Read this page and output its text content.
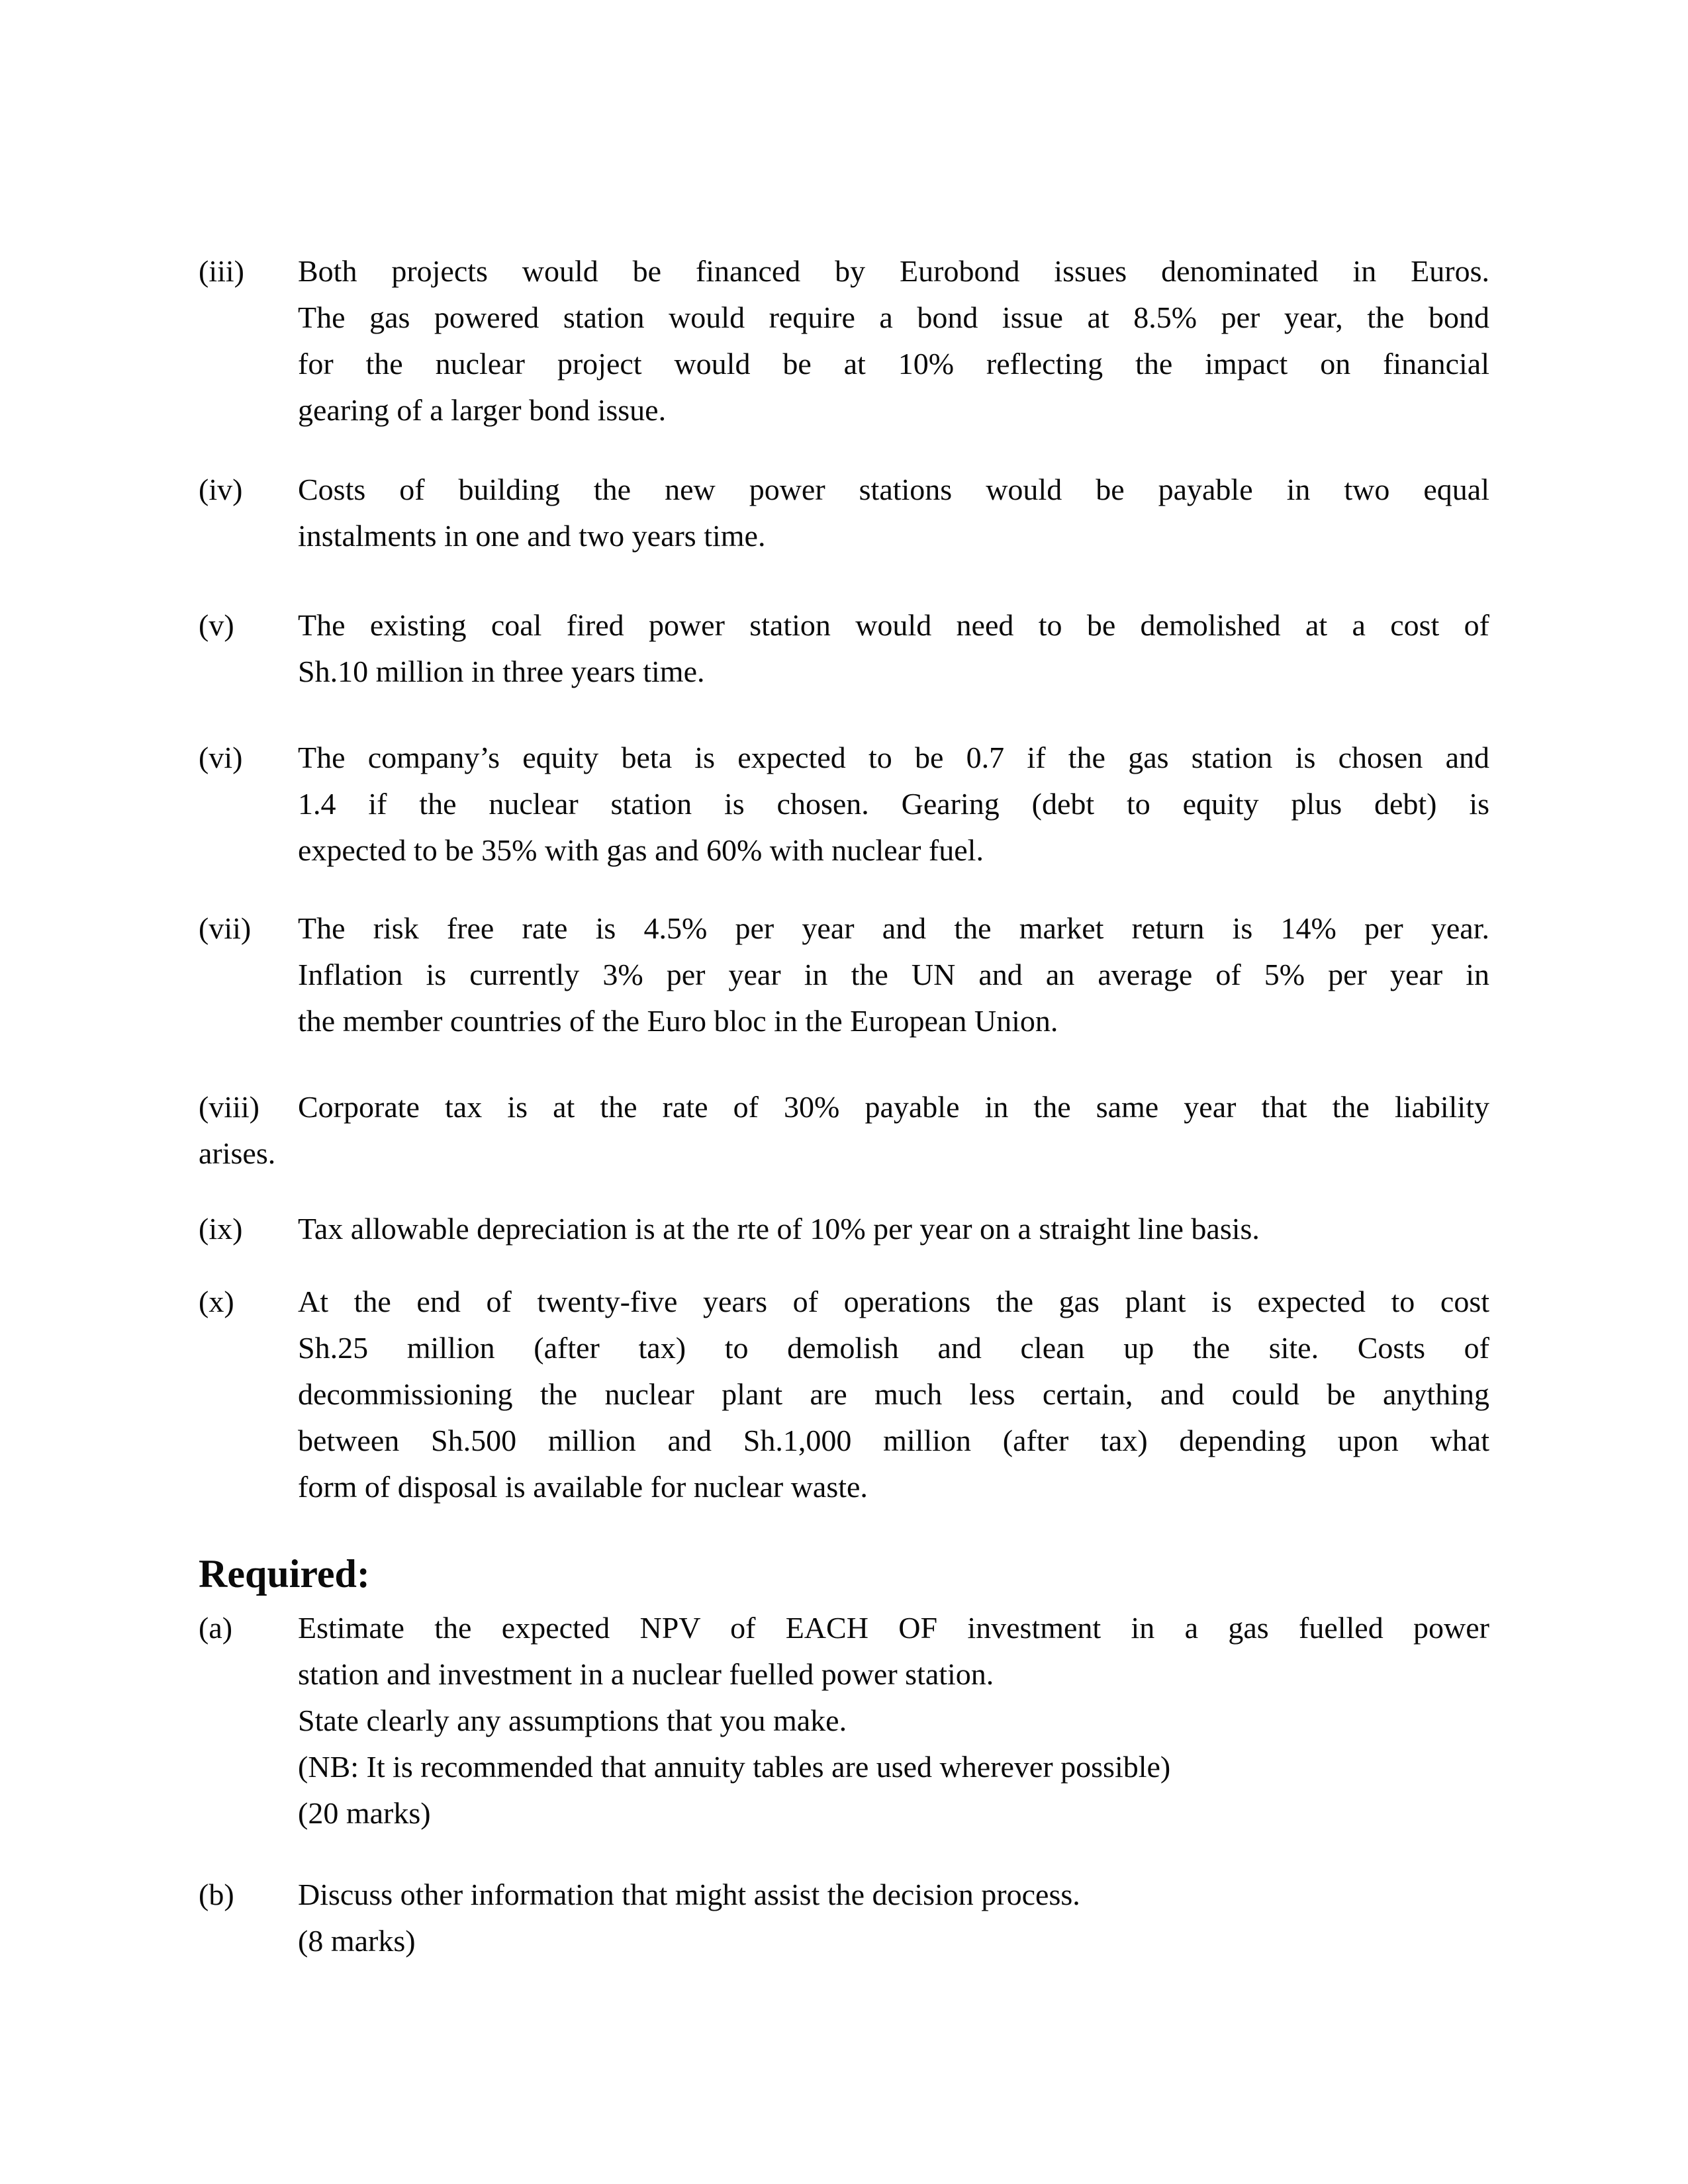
(iii) Both projects would be financed by Eurobond issues denominated in Euros.
The gas powered station would require a bond issue at 8.5% per year, the bond
for the nuclear project would be at 10% reflecting the impact on financial
gearing of a larger bond issue.
(iv) Costs of building the new power stations would be payable in two equal
instalments in one and two years time.
(v) The existing coal fired power station would need to be demolished at a cost of
Sh.10 million in three years time.
(vi) The company’s equity beta is expected to be 0.7 if the gas station is chosen and
1.4 if the nuclear station is chosen. Gearing (debt to equity plus debt) is
expected to be 35% with gas and 60% with nuclear fuel.
(vii) The risk free rate is 4.5% per year and the market return is 14% per year.
Inflation is currently 3% per year in the UN and an average of 5% per year in
the member countries of the Euro bloc in the European Union.
(viii) Corporate tax is at the rate of 30% payable in the same year that the liability
arises.
(ix) Tax allowable depreciation is at the rte of 10% per year on a straight line basis.
(x) At the end of twenty-five years of operations the gas plant is expected to cost
Sh.25 million (after tax) to demolish and clean up the site. Costs of
decommissioning the nuclear plant are much less certain, and could be anything
between Sh.500 million and Sh.1,000 million (after tax) depending upon what
form of disposal is available for nuclear waste.
Required:
(a) Estimate the expected NPV of EACH OF investment in a gas fuelled power
station and investment in a nuclear fuelled power station.
State clearly any assumptions that you make.
(NB: It is recommended that annuity tables are used wherever possible)
(20 marks)
(b) Discuss other information that might assist the decision process.
(8 marks)
